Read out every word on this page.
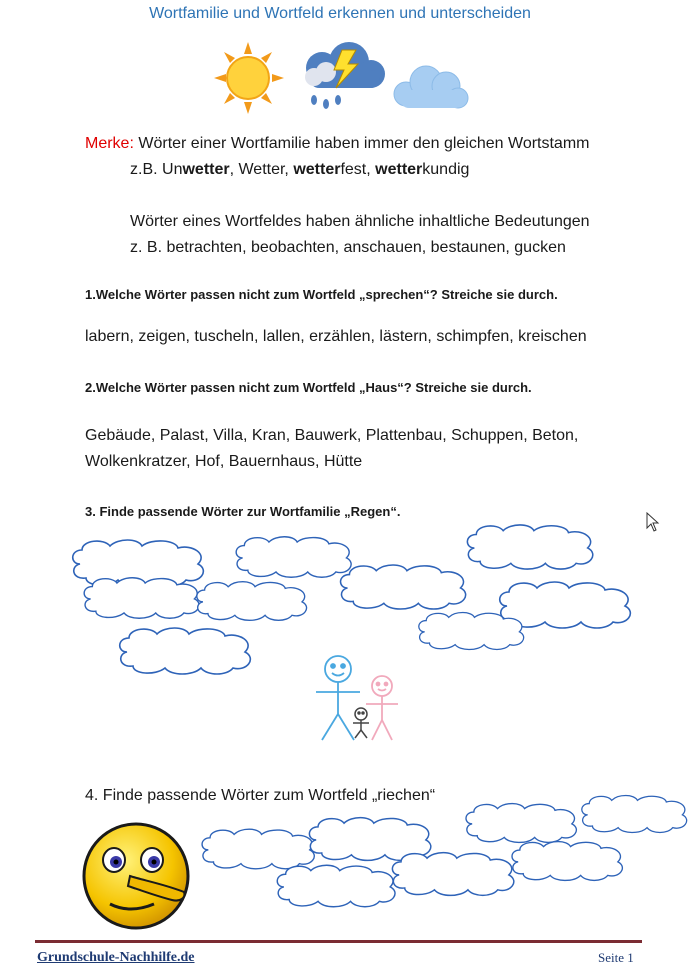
Wortfamilie und Wortfeld erkennen und unterscheiden
Merke: Wörter einer Wortfamilie haben immer den gleichen Wortstamm
z.B. Unwetter, Wetter, wetterfest, wetterkundig
Wörter eines Wortfeldes haben ähnliche inhaltliche Bedeutungen
z. B. betrachten, beobachten, anschauen, bestaunen, gucken
1.Welche Wörter passen nicht zum Wortfeld „sprechen“? Streiche sie durch.
labern, zeigen, tuscheln, lallen, erzählen, lästern, schimpfen, kreischen
2.Welche Wörter passen nicht zum Wortfeld „Haus“? Streiche sie durch.
Gebäude, Palast, Villa, Kran, Bauwerk, Plattenbau, Schuppen, Beton,
Wolkenkratzer, Hof, Bauernhaus, Hütte
3. Finde passende Wörter zur Wortfamilie „Regen“.
4. Finde passende Wörter zum Wortfeld „riechen“
Grundschule-Nachhilfe.de	Seite 1
